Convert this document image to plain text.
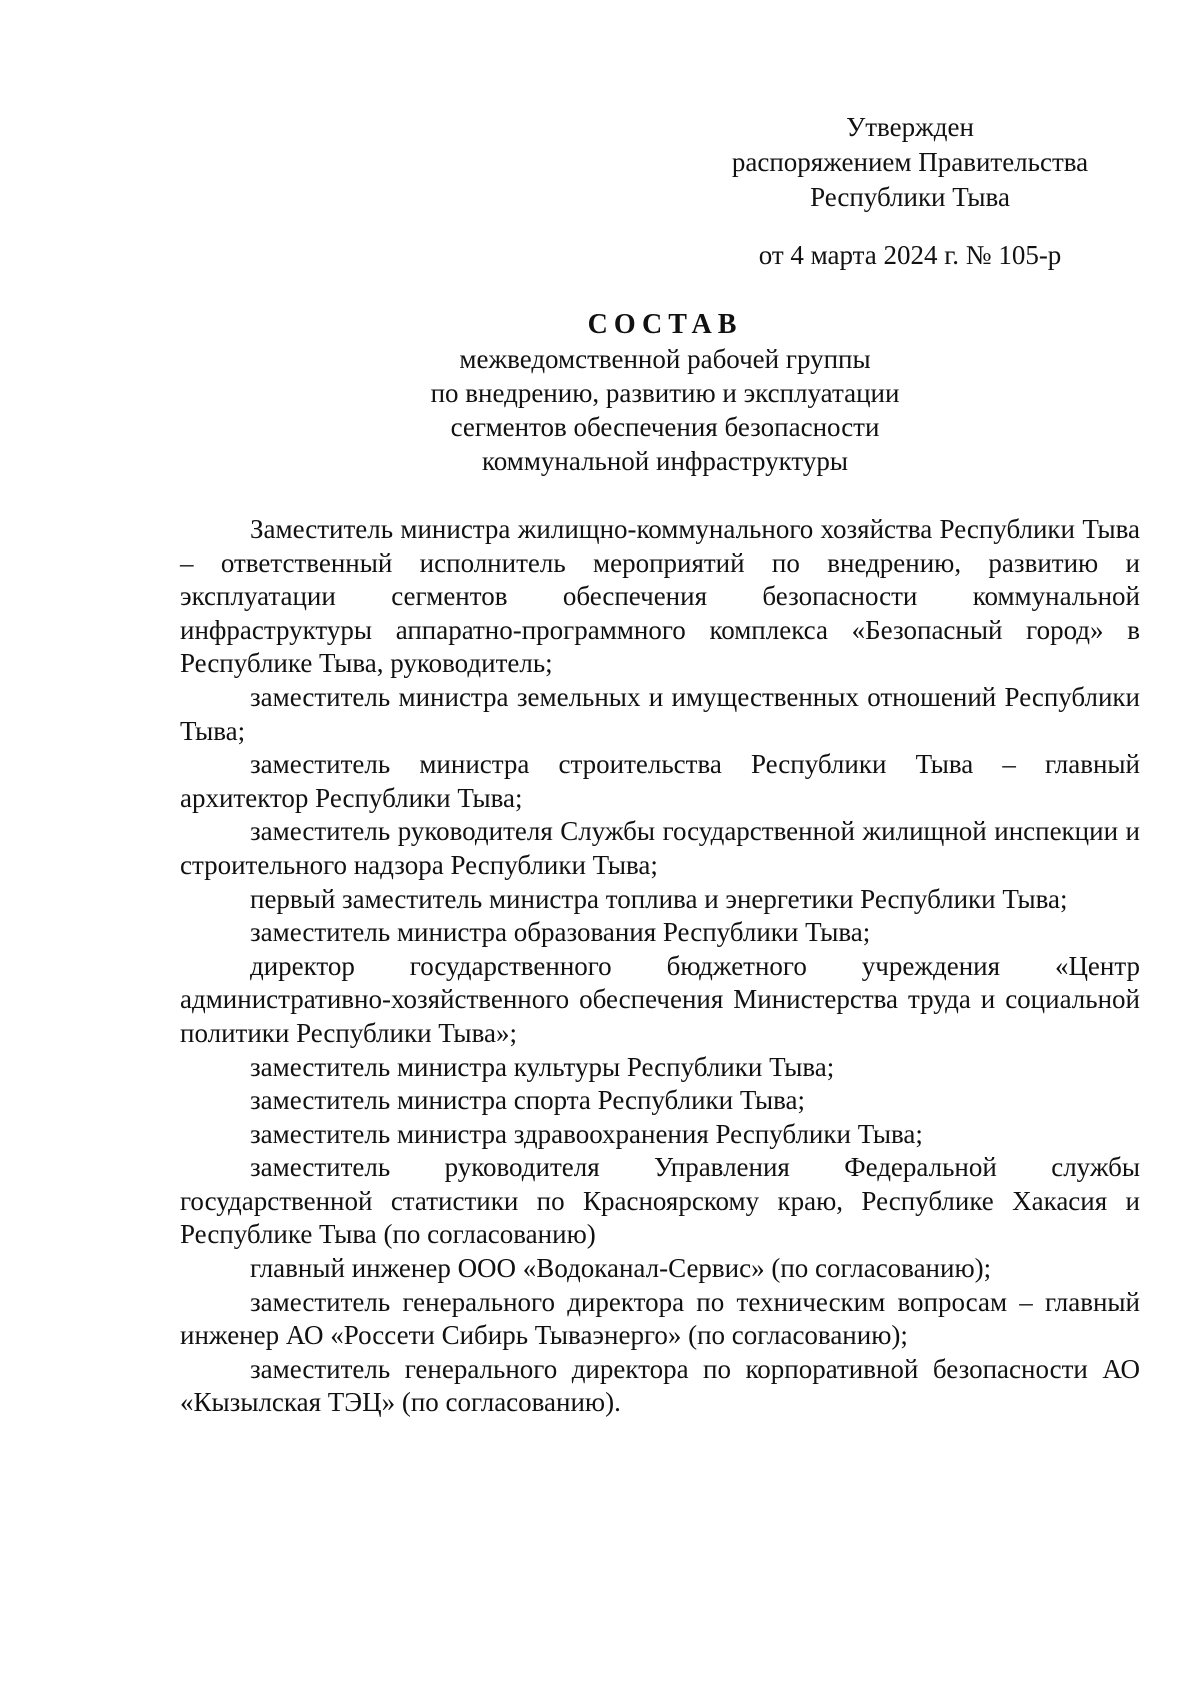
Утвержден
распоряжением Правительства
Республики Тыва
от 4 марта 2024 г. № 105-р
СОСТАВ
межведомственной рабочей группы
по внедрению, развитию и эксплуатации
сегментов обеспечения безопасности
коммунальной инфраструктуры

Заместитель министра жилищно-коммунального хозяйства Республики Тыва – ответственный исполнитель мероприятий по внедрению, развитию и эксплуатации сегментов обеспечения безопасности коммунальной инфраструктуры аппаратно-программного комплекса «Безопасный город» в Республике Тыва, руководитель;

заместитель министра земельных и имущественных отношений Республики Тыва;

заместитель министра строительства Республики Тыва – главный архитектор Республики Тыва;

заместитель руководителя Службы государственной жилищной инспекции и строительного надзора Республики Тыва;

первый заместитель министра топлива и энергетики Республики Тыва;

заместитель министра образования Республики Тыва;

директор государственного бюджетного учреждения «Центр административно-хозяйственного обеспечения Министерства труда и социальной политики Республики Тыва»;

заместитель министра культуры Республики Тыва;

заместитель министра спорта Республики Тыва;

заместитель министра здравоохранения Республики Тыва;

заместитель руководителя Управления Федеральной службы государственной статистики по Красноярскому краю, Республике Хакасия и Республике Тыва (по согласованию)

главный инженер ООО «Водоканал-Сервис» (по согласованию);

заместитель генерального директора по техническим вопросам – главный инженер АО «Россети Сибирь Тываэнерго» (по согласованию);

заместитель генерального директора по корпоративной безопасности АО «Кызылская ТЭЦ» (по согласованию).
